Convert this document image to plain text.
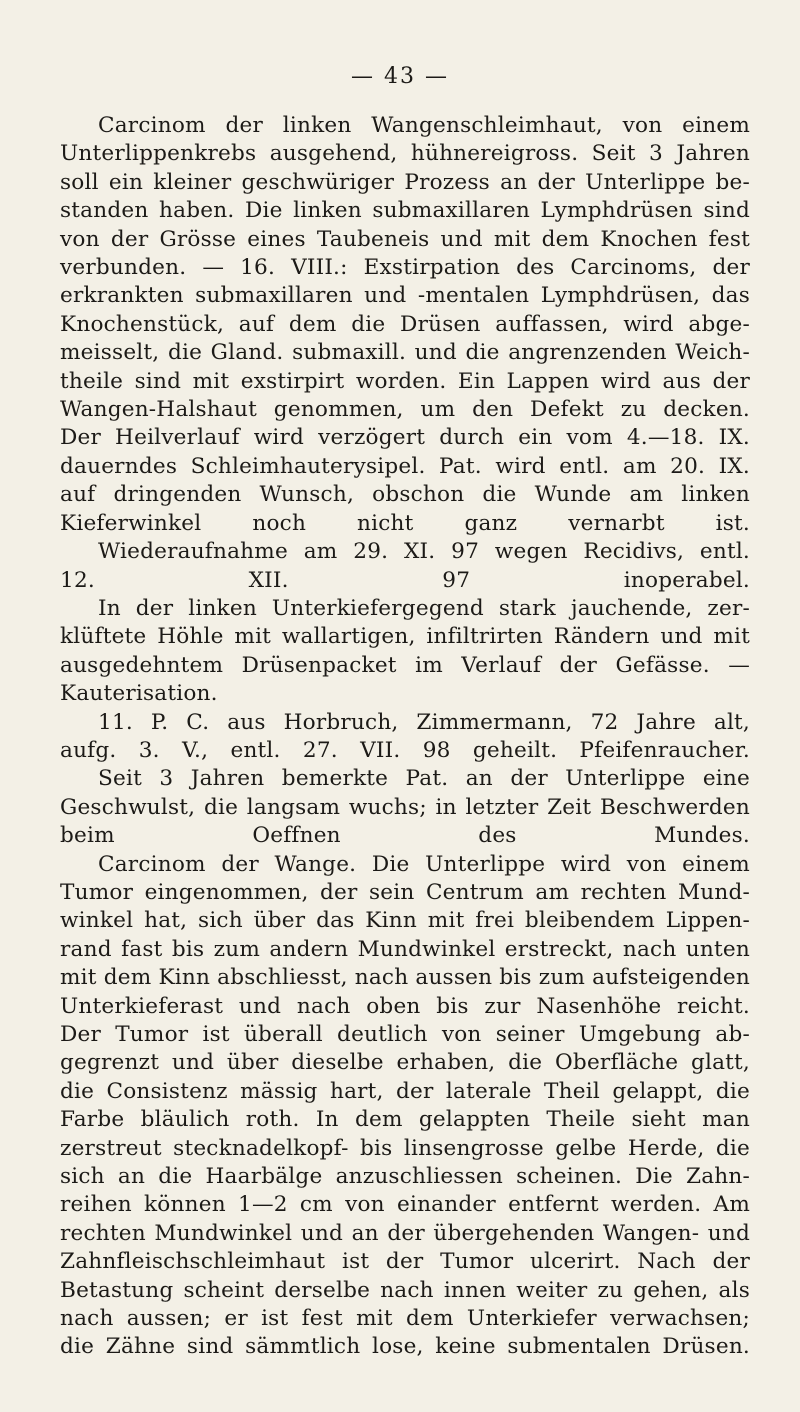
— 43 —
Carcinom der linken Wangenschleimhaut, von einem
Unterlippenkrebs ausgehend, hühnereigross. Seit 3 Jahren
soll ein kleiner geschwüriger Prozess an der Unterlippe be-
standen haben. Die linken submaxillaren Lymphdrüsen sind
von der Grösse eines Taubeneis und mit dem Knochen fest
verbunden. — 16. VIII.: Exstirpation des Carcinoms, der
erkrankten submaxillaren und -mentalen Lymphdrüsen, das
Knochenstück, auf dem die Drüsen auffassen, wird abge-
meisselt, die Gland. submaxill. und die angrenzenden Weich-
theile sind mit exstirpirt worden. Ein Lappen wird aus der
Wangen-Halshaut genommen, um den Defekt zu decken.
Der Heilverlauf wird verzögert durch ein vom 4.—18. IX.
dauerndes Schleimhauterysipel. Pat. wird entl. am 20. IX.
auf dringenden Wunsch, obschon die Wunde am linken
Kieferwinkel noch nicht ganz vernarbt ist.
Wiederaufnahme am 29. XI. 97 wegen Recidivs, entl.
12. XII. 97 inoperabel.
In der linken Unterkiefergegend stark jauchende, zer-
klüftete Höhle mit wallartigen, infiltrirten Rändern und mit
ausgedehntem Drüsenpacket im Verlauf der Gefässe. —
Kauterisation.
11. P. C. aus Horbruch, Zimmermann, 72 Jahre alt,
aufg. 3. V., entl. 27. VII. 98 geheilt. Pfeifenraucher.
Seit 3 Jahren bemerkte Pat. an der Unterlippe eine
Geschwulst, die langsam wuchs; in letzter Zeit Beschwerden
beim Oeffnen des Mundes.
Carcinom der Wange. Die Unterlippe wird von einem
Tumor eingenommen, der sein Centrum am rechten Mund-
winkel hat, sich über das Kinn mit frei bleibendem Lippen-
rand fast bis zum andern Mundwinkel erstreckt, nach unten
mit dem Kinn abschliesst, nach aussen bis zum aufsteigenden
Unterkieferast und nach oben bis zur Nasenhöhe reicht.
Der Tumor ist überall deutlich von seiner Umgebung ab-
gegrenzt und über dieselbe erhaben, die Oberfläche glatt,
die Consistenz mässig hart, der laterale Theil gelappt, die
Farbe bläulich roth. In dem gelappten Theile sieht man
zerstreut stecknadelkopf- bis linsengrosse gelbe Herde, die
sich an die Haarbälge anzuschliessen scheinen. Die Zahn-
reihen können 1—2 cm von einander entfernt werden. Am
rechten Mundwinkel und an der übergehenden Wangen- und
Zahnfleischschleimhaut ist der Tumor ulcerirt. Nach der
Betastung scheint derselbe nach innen weiter zu gehen, als
nach aussen; er ist fest mit dem Unterkiefer verwachsen;
die Zähne sind sämmtlich lose, keine submentalen Drüsen.
